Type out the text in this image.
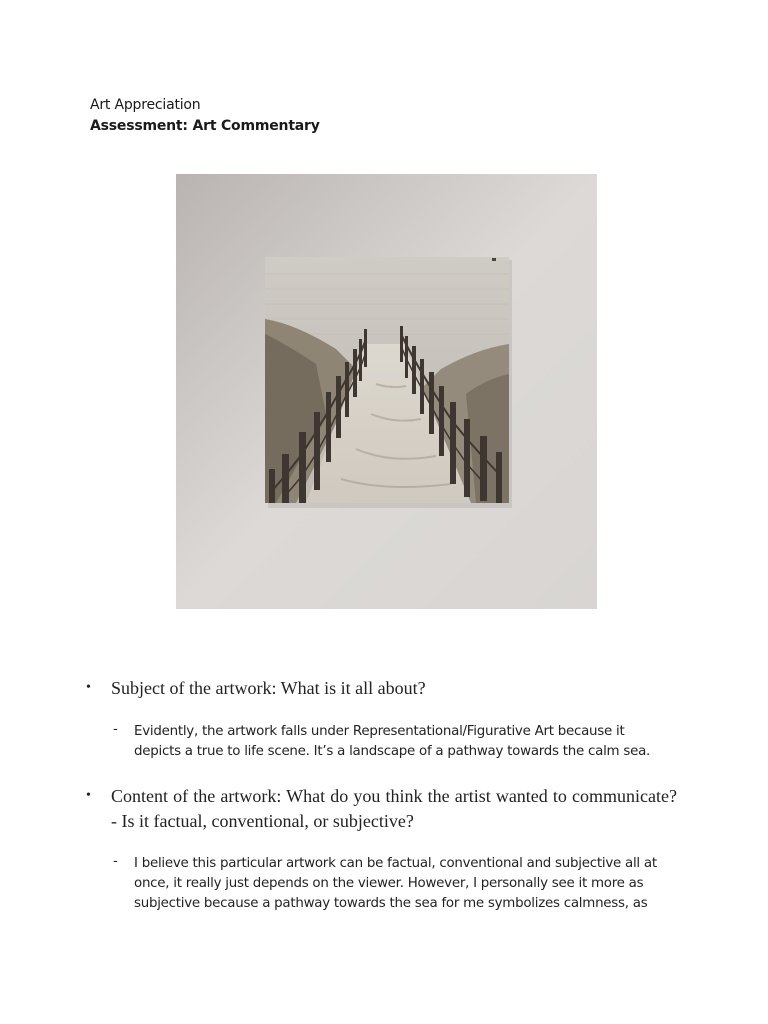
Art Appreciation
Assessment: Art Commentary
• Subject of the artwork: What is it all about?
- Evidently, the artwork falls under Representational/Figurative Art because it depicts a true to life scene. It’s a landscape of a pathway towards the calm sea.
• Content of the artwork: What do you think the artist wanted to communicate? - Is it factual, conventional, or subjective?
- I believe this particular artwork can be factual, conventional and subjective all at once, it really just depends on the viewer. However, I personally see it more as subjective because a pathway towards the sea for me symbolizes calmness, as
